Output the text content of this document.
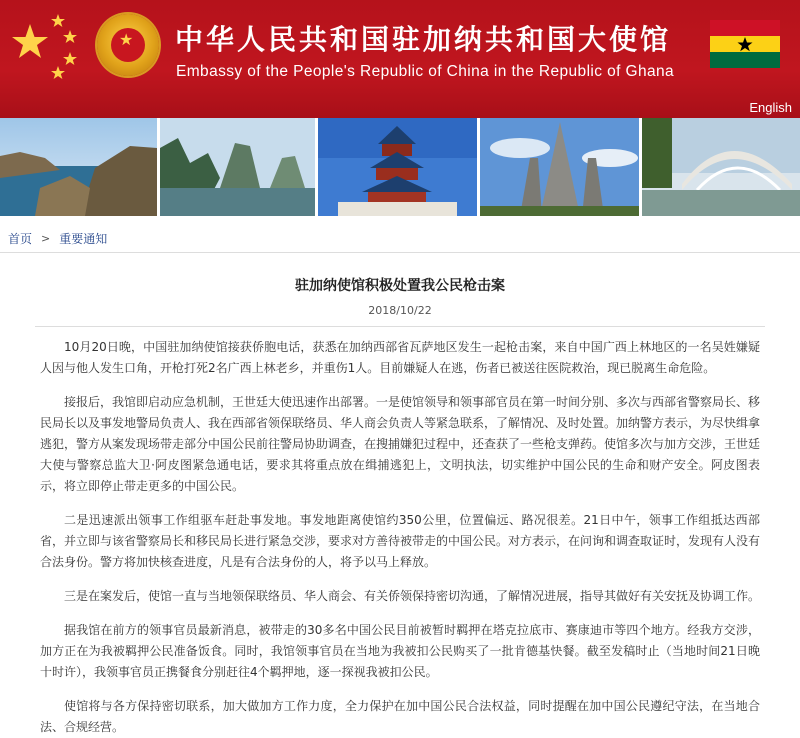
★ 中华人民共和国驻加纳共和国大使馆
Embassy of the People's Republic of China in the Republic of Ghana
English
首页 > 重要通知
驻加纳使馆积极处置我公民枪击案
2018/10/22

10月20日晚，中国驻加纳使馆接获侨胞电话，获悉在加纳西部省瓦萨地区发生一起枪击案，来自中国广西上林地区的一名吴姓嫌疑人因与他人发生口角，开枪打死2名广西上林老乡，并重伤1人。目前嫌疑人在逃，伤者已被送往医院救治，现已脱离生命危险。

接报后，我馆即启动应急机制，王世廷大使迅速作出部署。一是使馆领导和领事部官员在第一时间分别、多次与西部省警察局长、移民局长以及事发地警局负责人、我在西部省领保联络员、华人商会负责人等紧急联系，了解情况、及时处置。加纳警方表示，为尽快缉拿逃犯，警方从案发现场带走部分中国公民前往警局协助调查，在搜捕嫌犯过程中，还查获了一些枪支弹药。使馆多次与加方交涉，王世廷大使与警察总监大卫·阿皮图紧急通电话，要求其将重点放在缉捕逃犯上，文明执法，切实维护中国公民的生命和财产安全。阿皮图表示，将立即停止带走更多的中国公民。

二是迅速派出领事工作组驱车赶赴事发地。事发地距离使馆约350公里，位置偏远、路况很差。21日中午，领事工作组抵达西部省，并立即与该省警察局长和移民局长进行紧急交涉，要求对方善待被带走的中国公民。对方表示，在问询和调查取证时，发现有人没有合法身份。警方将加快核查进度，凡是有合法身份的人，将予以马上释放。

三是在案发后，使馆一直与当地领保联络员、华人商会、有关侨领保持密切沟通，了解情况进展，指导其做好有关安抚及协调工作。

据我馆在前方的领事官员最新消息，被带走的30多名中国公民目前被暂时羁押在塔克拉底市、赛康迪市等四个地方。经我方交涉，加方正在为我被羁押公民准备饭食。同时，我馆领事官员在当地为我被扣公民购买了一批肯德基快餐。截至发稿时止（当地时间21日晚十时许），我领事官员正携餐食分别赶往4个羁押地，逐一探视我被扣公民。

使馆将与各方保持密切联系，加大做加方工作力度，全力保护在加中国公民合法权益，同时提醒在加中国公民遵纪守法，在当地合法、合规经营。
